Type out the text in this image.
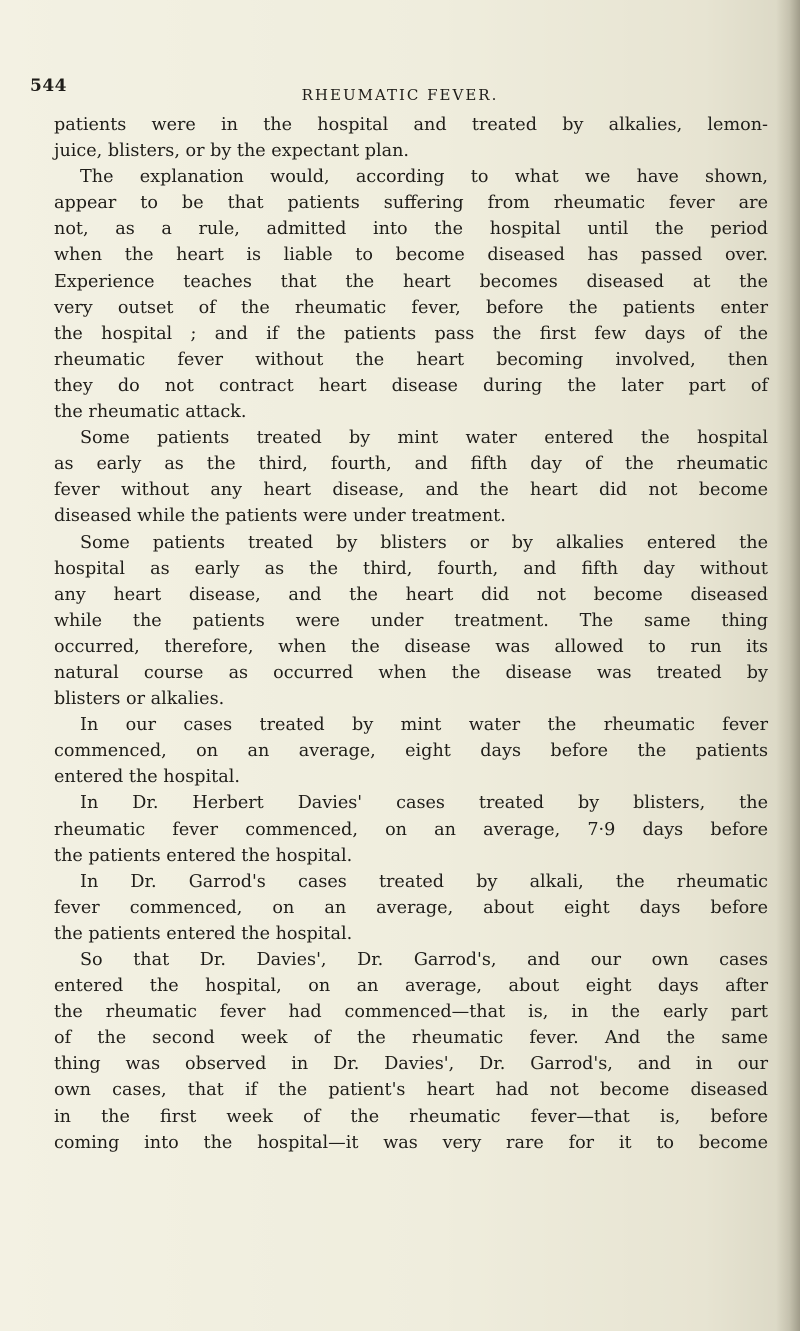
544	RHEUMATIC FEVER.
patients were in the hospital and treated by alkalies, lemon-
juice, blisters, or by the expectant plan.
The explanation would, according to what we have shown,
appear to be that patients suffering from rheumatic fever are
not, as a rule, admitted into the hospital until the period
when the heart is liable to become diseased has passed over.
Experience teaches that the heart becomes diseased at the
very outset of the rheumatic fever, before the patients enter
the hospital ; and if the patients pass the first few days of the
rheumatic fever without the heart becoming involved, then
they do not contract heart disease during the later part of
the rheumatic attack.
Some patients treated by mint water entered the hospital
as early as the third, fourth, and fifth day of the rheumatic
fever without any heart disease, and the heart did not become
diseased while the patients were under treatment.
Some patients treated by blisters or by alkalies entered the
hospital as early as the third, fourth, and fifth day without
any heart disease, and the heart did not become diseased
while the patients were under treatment. The same thing
occurred, therefore, when the disease was allowed to run its
natural course as occurred when the disease was treated by
blisters or alkalies.
In our cases treated by mint water the rheumatic fever
commenced, on an average, eight days before the patients
entered the hospital.
In Dr. Herbert Davies' cases treated by blisters, the
rheumatic fever commenced, on an average, 7·9 days before
the patients entered the hospital.
In Dr. Garrod's cases treated by alkali, the rheumatic
fever commenced, on an average, about eight days before
the patients entered the hospital.
So that Dr. Davies', Dr. Garrod's, and our own cases
entered the hospital, on an average, about eight days after
the rheumatic fever had commenced—that is, in the early part
of the second week of the rheumatic fever. And the same
thing was observed in Dr. Davies', Dr. Garrod's, and in our
own cases, that if the patient's heart had not become diseased
in the first week of the rheumatic fever—that is, before
coming into the hospital—it was very rare for it to become
